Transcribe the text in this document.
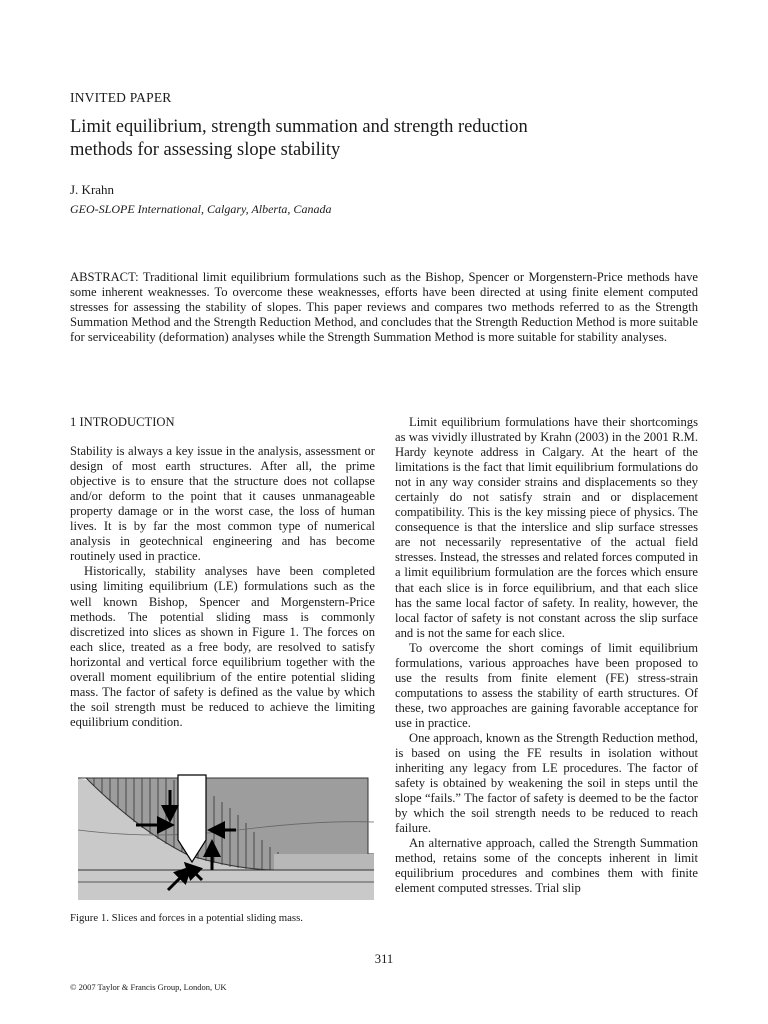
INVITED PAPER
Limit equilibrium, strength summation and strength reduction
methods for assessing slope stability
J. Krahn
GEO-SLOPE International, Calgary, Alberta, Canada
ABSTRACT: Traditional limit equilibrium formulations such as the Bishop, Spencer or Morgenstern-Price methods have some inherent weaknesses. To overcome these weaknesses, efforts have been directed at using finite element computed stresses for assessing the stability of slopes. This paper reviews and compares two methods referred to as the Strength Summation Method and the Strength Reduction Method, and concludes that the Strength Reduction Method is more suitable for serviceability (deformation) analyses while the Strength Summation Method is more suitable for stability analyses.
1 INTRODUCTION

Stability is always a key issue in the analysis, assessment or design of most earth structures. After all, the prime objective is to ensure that the structure does not collapse and/or deform to the point that it causes unmanageable property damage or in the worst case, the loss of human lives. It is by far the most common type of numerical analysis in geotechnical engineering and has become routinely used in practice.

Historically, stability analyses have been completed using limiting equilibrium (LE) formulations such as the well known Bishop, Spencer and Morgenstern-Price methods. The potential sliding mass is commonly discretized into slices as shown in Figure 1. The forces on each slice, treated as a free body, are resolved to satisfy horizontal and vertical force equilibrium together with the overall moment equilibrium of the entire potential sliding mass. The factor of safety is defined as the value by which the soil strength must be reduced to achieve the limiting equilibrium condition.

Figure 1. Slices and forces in a potential sliding mass.

Limit equilibrium formulations have their shortcomings as was vividly illustrated by Krahn (2003) in the 2001 R.M. Hardy keynote address in Calgary. At the heart of the limitations is the fact that limit equilibrium formulations do not in any way consider strains and displacements so they certainly do not satisfy strain and or displacement compatibility. This is the key missing piece of physics. The consequence is that the interslice and slip surface stresses are not necessarily representative of the actual field stresses. Instead, the stresses and related forces computed in a limit equilibrium formulation are the forces which ensure that each slice is in force equilibrium, and that each slice has the same local factor of safety. In reality, however, the local factor of safety is not constant across the slip surface and is not the same for each slice.

To overcome the short comings of limit equilibrium formulations, various approaches have been proposed to use the results from finite element (FE) stress-strain computations to assess the stability of earth structures. Of these, two approaches are gaining favorable acceptance for use in practice.

One approach, known as the Strength Reduction method, is based on using the FE results in isolation without inheriting any legacy from LE procedures. The factor of safety is obtained by weakening the soil in steps until the slope “fails.” The factor of safety is deemed to be the factor by which the soil strength needs to be reduced to reach failure.

An alternative approach, called the Strength Summation method, retains some of the concepts inherent in limit equilibrium procedures and combines them with finite element computed stresses. Trial slip

311
© 2007 Taylor & Francis Group, London, UK
